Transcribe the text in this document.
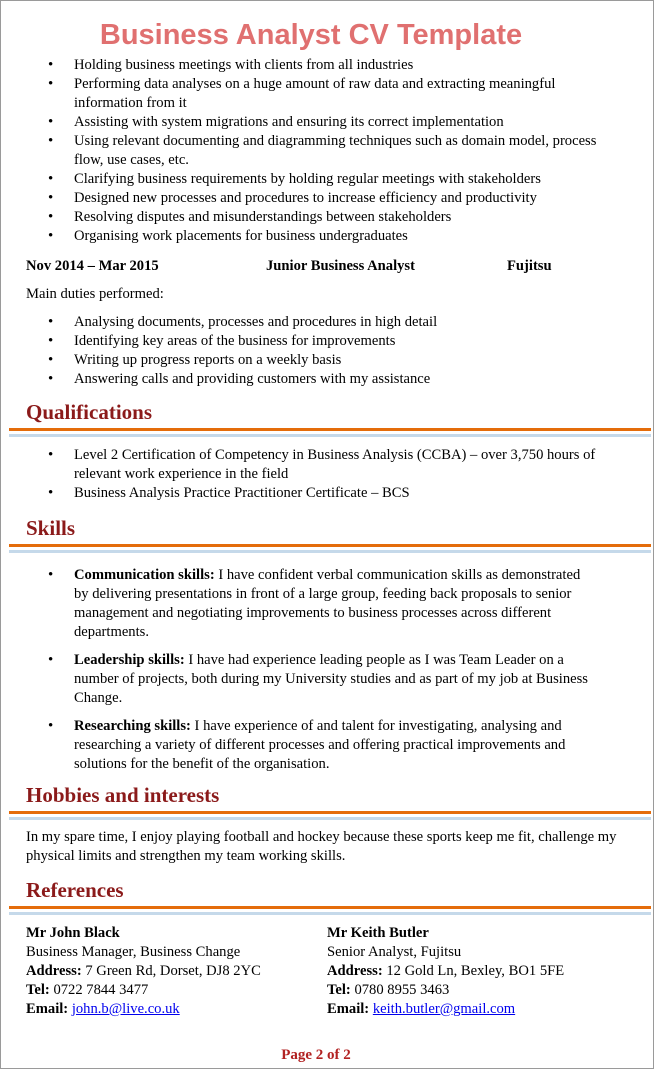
Business Analyst CV Template
• Holding business meetings with clients from all industries
• Performing data analyses on a huge amount of raw data and extracting meaningful information from it
• Assisting with system migrations and ensuring its correct implementation
• Using relevant documenting and diagramming techniques such as domain model, process flow, use cases, etc.
• Clarifying business requirements by holding regular meetings with stakeholders
• Designed new processes and procedures to increase efficiency and productivity
• Resolving disputes and misunderstandings between stakeholders
• Organising work placements for business undergraduates
Nov 2014 – Mar 2015	Junior Business Analyst	Fujitsu
Main duties performed:
• Analysing documents, processes and procedures in high detail
• Identifying key areas of the business for improvements
• Writing up progress reports on a weekly basis
• Answering calls and providing customers with my assistance
Qualifications
• Level 2 Certification of Competency in Business Analysis (CCBA) – over 3,750 hours of relevant work experience in the field
• Business Analysis Practice Practitioner Certificate – BCS
Skills
• Communication skills: I have confident verbal communication skills as demonstrated by delivering presentations in front of a large group, feeding back proposals to senior management and negotiating improvements to business processes across different departments.
• Leadership skills: I have had experience leading people as I was Team Leader on a number of projects, both during my University studies and as part of my job at Business Change.
• Researching skills: I have experience of and talent for investigating, analysing and researching a variety of different processes and offering practical improvements and solutions for the benefit of the organisation.
Hobbies and interests
In my spare time, I enjoy playing football and hockey because these sports keep me fit, challenge my physical limits and strengthen my team working skills.
References
Mr John Black
Business Manager, Business Change
Address: 7 Green Rd, Dorset, DJ8 2YC
Tel: 0722 7844 3477
Email: john.b@live.co.uk
Mr Keith Butler
Senior Analyst, Fujitsu
Address: 12 Gold Ln, Bexley, BO1 5FE
Tel: 0780 8955 3463
Email: keith.butler@gmail.com
Page 2 of 2
